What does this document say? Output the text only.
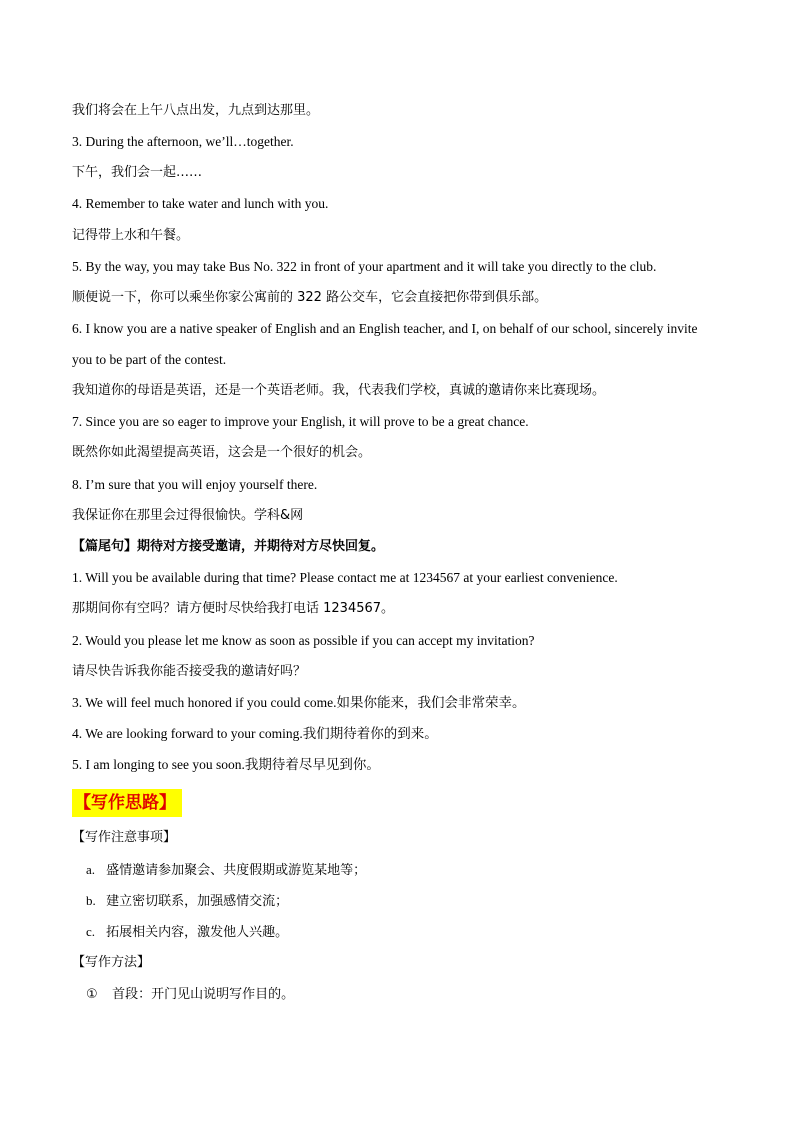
我们将会在上午八点出发，九点到达那里。
3. During the afternoon, we’ll…together.
下午，我们会一起……
4. Remember to take water and lunch with you.
记得带上水和午餐。
5. By the way, you may take Bus No. 322 in front of your apartment and it will take you directly to the club.
顺便说一下，你可以乘坐你家公寓前的 322 路公交车，它会直接把你带到俱乐部。
6. I know you are a native speaker of English and an English teacher, and I, on behalf of our school, sincerely invite
you to be part of the contest.
我知道你的母语是英语，还是一个英语老师。我，代表我们学校，真诚的邀请你来比赛现场。
7. Since you are so eager to improve your English, it will prove to be a great chance.
既然你如此渴望提高英语，这会是一个很好的机会。
8. I’m sure that you will enjoy yourself there.
我保证你在那里会过得很愉快。学科&网
【篇尾句】期待对方接受邀请，并期待对方尽快回复。
1. Will you be available during that time? Please contact me at 1234567 at your earliest convenience.
那期间你有空吗？请方便时尽快给我打电话 1234567。
2. Would you please let me know as soon as possible if you can accept my invitation?
请尽快告诉我你能否接受我的邀请好吗？
3. We will feel much honored if you could come.如果你能来，我们会非常荣幸。
4. We are looking forward to your coming.我们期待着你的到来。
5. I am longing to see you soon.我期待着尽早见到你。
【写作思路】
【写作注意事项】
a. 盛情邀请参加聚会、共度假期或游览某地等；
b. 建立密切联系，加强感情交流；
c. 拓展相关内容，激发他人兴趣。
【写作方法】
① 首段：开门见山说明写作目的。
